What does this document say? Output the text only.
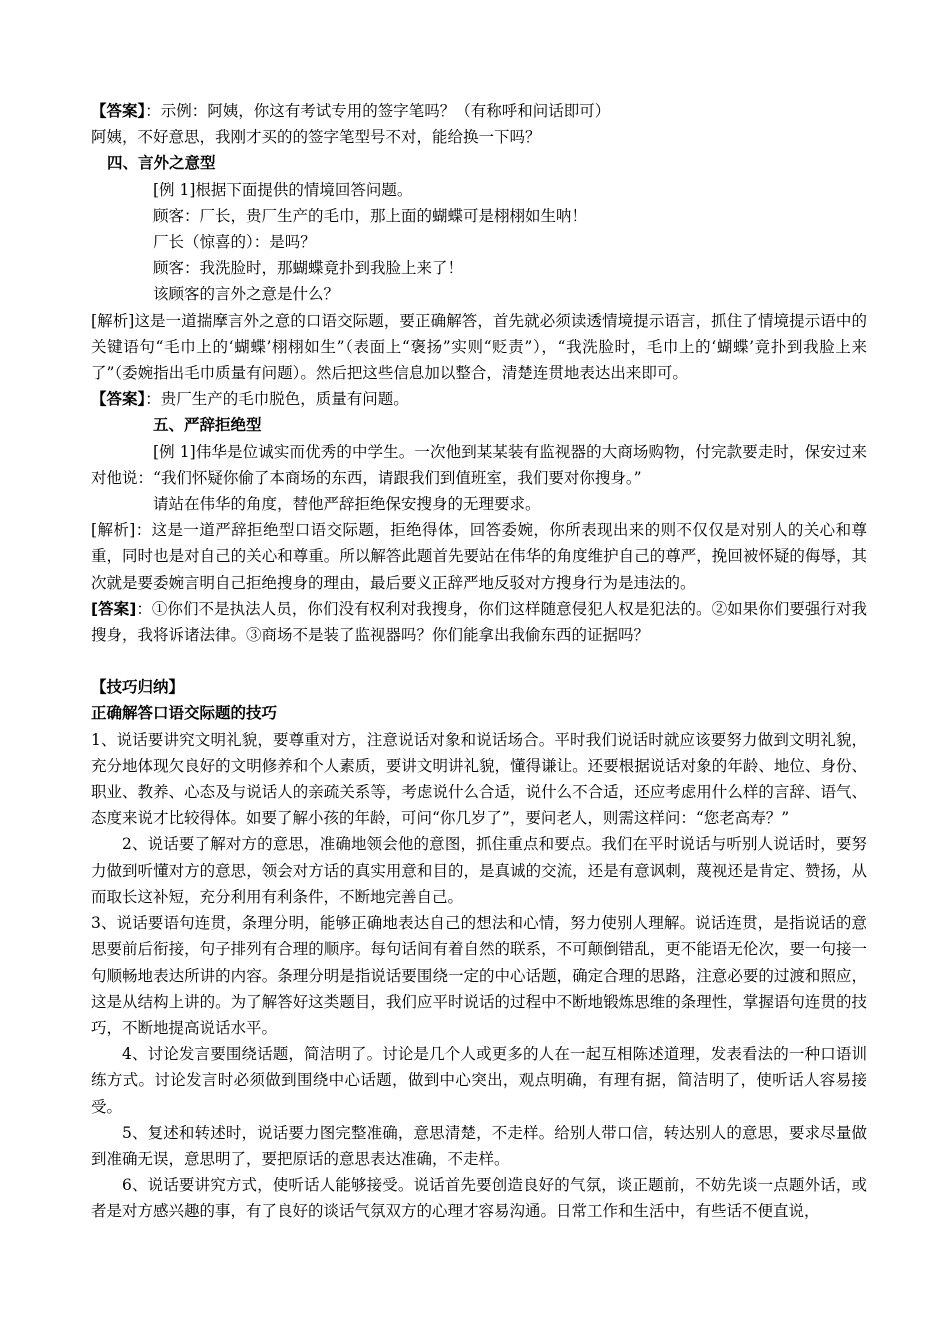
【答案】：示例：阿姨，你这有考试专用的签字笔吗？（有称呼和问话即可）

阿姨，不好意思，我刚才买的的签字笔型号不对，能给换一下吗？

四、言外之意型

[例 1]根据下面提供的情境回答问题。

顾客：厂长，贵厂生产的毛巾，那上面的蝴蝶可是栩栩如生呐！

厂长（惊喜的）：是吗？

顾客：我洗脸时，那蝴蝶竟扑到我脸上来了！

该顾客的言外之意是什么？

[解析]这是一道揣摩言外之意的口语交际题，要正确解答，首先就必须读透情境提示语言，抓住了情境提示语中的关键语句“毛巾上的‘蝴蝶’栩栩如生”（表面上“褒扬”实则“贬责”），“我洗脸时，毛巾上的‘蝴蝶’竟扑到我脸上来了”（委婉指出毛巾质量有问题）。然后把这些信息加以整合，清楚连贯地表达出来即可。

【答案】：贵厂生产的毛巾脱色，质量有问题。

五、严辞拒绝型

[例 1]伟华是位诚实而优秀的中学生。一次他到某某装有监视器的大商场购物，付完款要走时，保安过来对他说：“我们怀疑你偷了本商场的东西，请跟我们到值班室，我们要对你搜身。”

请站在伟华的角度，替他严辞拒绝保安搜身的无理要求。

[解析]：这是一道严辞拒绝型口语交际题，拒绝得体，回答委婉，你所表现出来的则不仅仅是对别人的关心和尊重，同时也是对自己的关心和尊重。所以解答此题首先要站在伟华的角度维护自己的尊严，挽回被怀疑的侮辱，其次就是要委婉言明自己拒绝搜身的理由，最后要义正辞严地反驳对方搜身行为是违法的。

[答案]：①你们不是执法人员，你们没有权利对我搜身，你们这样随意侵犯人权是犯法的。②如果你们要强行对我搜身，我将诉诸法律。③商场不是装了监视器吗？你们能拿出我偷东西的证据吗？

【技巧归纳】

正确解答口语交际题的技巧

1、说话要讲究文明礼貌，要尊重对方，注意说话对象和说话场合。平时我们说话时就应该要努力做到文明礼貌，充分地体现欠良好的文明修养和个人素质，要讲文明讲礼貌，懂得谦让。还要根据说话对象的年龄、地位、身份、职业、教养、心态及与说话人的亲疏关系等，考虑说什么合适，说什么不合适，还应考虑用什么样的言辞、语气、态度来说才比较得体。如要了解小孩的年龄，可问“你几岁了”，要问老人，则需这样问：“您老高寿？”

2、说话要了解对方的意思，准确地领会他的意图，抓住重点和要点。我们在平时说话与听别人说话时，要努力做到听懂对方的意思，领会对方话的真实用意和目的，是真诚的交流，还是有意讽刺，蔑视还是肯定、赞扬，从而取长这补短，充分利用有利条件，不断地完善自己。

3、说话要语句连贯，条理分明，能够正确地表达自己的想法和心情，努力使别人理解。说话连贯，是指说话的意思要前后衔接，句子排列有合理的顺序。每句话间有着自然的联系，不可颠倒错乱，更不能语无伦次，要一句接一句顺畅地表达所讲的内容。条理分明是指说话要围绕一定的中心话题，确定合理的思路，注意必要的过渡和照应，这是从结构上讲的。为了解答好这类题目，我们应平时说话的过程中不断地锻炼思维的条理性，掌握语句连贯的技巧，不断地提高说话水平。

4、讨论发言要围绕话题，简洁明了。讨论是几个人或更多的人在一起互相陈述道理，发表看法的一种口语训练方式。讨论发言时必须做到围绕中心话题，做到中心突出，观点明确，有理有据，简洁明了，使听话人容易接受。

5、复述和转述时，说话要力图完整准确，意思清楚，不走样。给别人带口信，转达别人的意思，要求尽量做到准确无误，意思明了，要把原话的意思表达准确，不走样。

6、说话要讲究方式，使听话人能够接受。说话首先要创造良好的气氛，谈正题前，不妨先谈一点题外话，或者是对方感兴趣的事，有了良好的谈话气氛双方的心理才容易沟通。日常工作和生活中，有些话不便直说，
